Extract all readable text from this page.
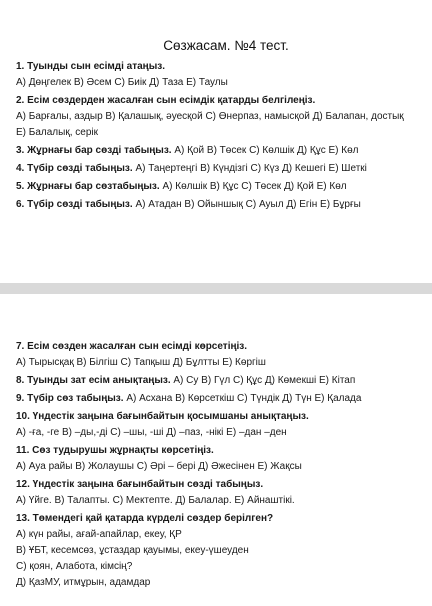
Сөзжасам. №4 тест.

1. Туынды сын есімді атаңыз.

А) Дөңгелек В) Әсем С) Биік Д) Таза Е) Таулы

2. Есім сөздерден жасалған сын есімдік қатарды белгілеңіз.

А) Барғалы, аздыр В) Қалашық, әуесқой С) Өнерпаз, намысқой Д) Балапан, достық

Е) Балалық, серік

3. Жұрнағы бар сөзді табыңыз. А) Қой В) Төсек С) Көлшік Д) Құс Е) Көл

4. Түбір сөзді табыңыз. А) Таңертеңгі В) Күндізгі С) Күз Д) Кешегі Е) Шеткі

5. Жұрнағы бар сөзтабыңыз. А) Көлшік В) Құс С) Төсек Д) Қой Е) Көл

6. Түбір сөзді табыңыз. А) Атадан В) Ойыншық С) Ауыл Д) Егін Е) Бұрғы

7. Есім сөзден жасалған сын есімді көрсетіңіз.

А) Тырысқақ В) Білгіш С) Тапқыш Д) Бұлтты Е) Көргіш

8. Туынды зат есім анықтаңыз. А) Су В) Гүл С) Құс Д) Көмекші Е) Кітап

9. Түбір сөз табыңыз. А) Асхана В) Көрсеткіш С) Түндік Д) Түн Е) Қалада

10. Үндестік заңына бағынбайтын қосымшаны анықтаңыз.

А) -ға, -ге В) –ды,-ді С) –шы, -ші Д) –паз, -нікі Е) –дан –ден

11. Сөз тудырушы жұрнақты көрсетіңіз.

А) Ауа райы В) Жолаушы С) Әрі – бері Д) Әжесінен Е) Жақсы

12. Үндестік заңына бағынбайтын сөзді табыңыз.

А) Үйге. В) Талапты. С) Мектепте. Д) Балалар. Е) Айнаштікі.

13. Төмендегі қай қатарда күрделі сөздер берілген?

А) күн райы, ағай-апайлар, екеу, ҚР

В) ҰБТ, кесемсөз, ұстаздар қауымы, екеу-үшеуден

С) қоян, Алабота, кімсің?

Д) ҚазМУ, итмұрын, адамдар
